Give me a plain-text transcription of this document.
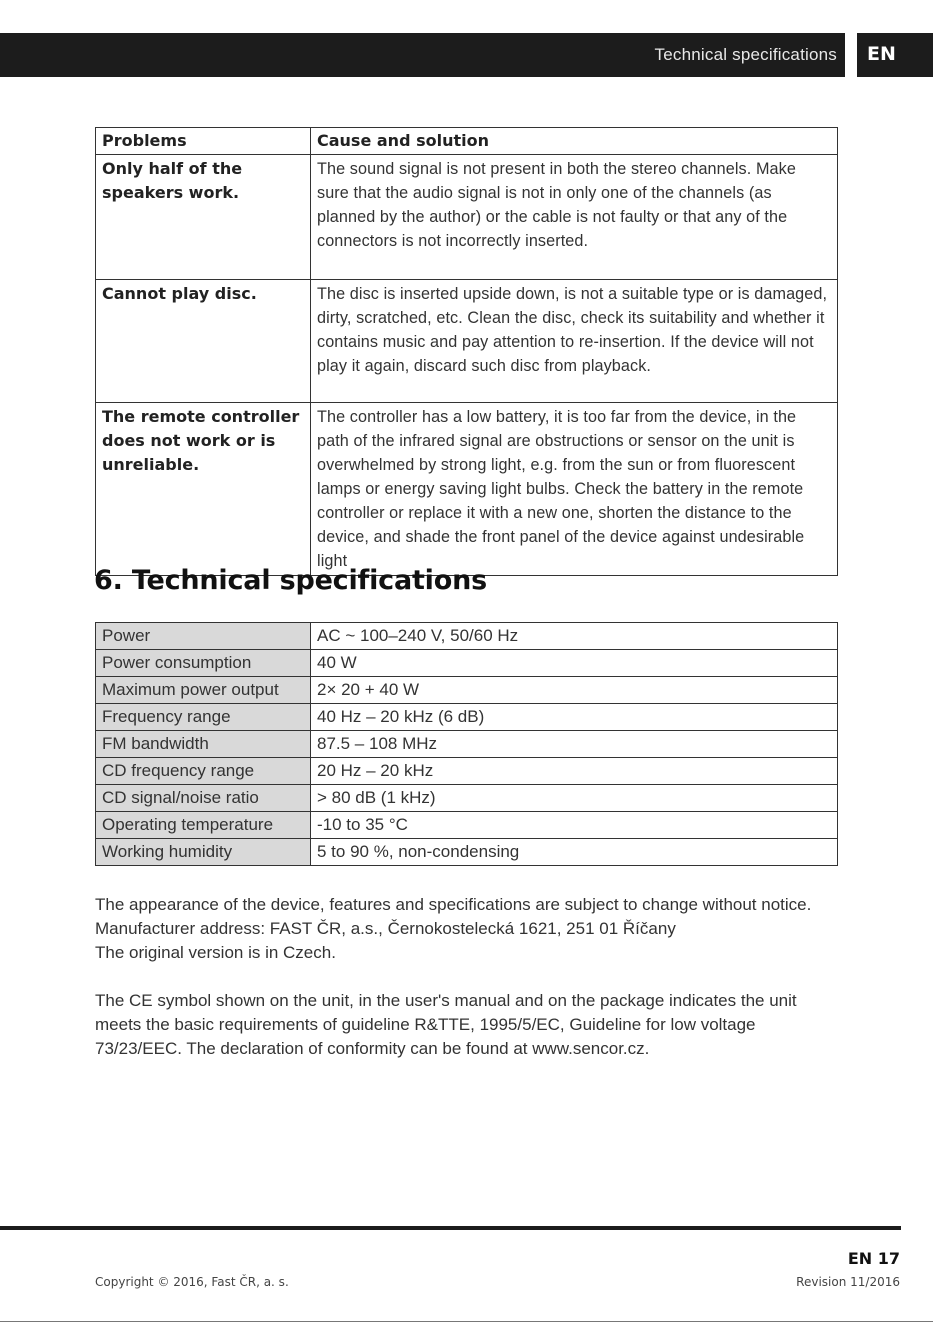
Technical specifications EN
Problems	Cause and solution
Only half of the speakers work.	The sound signal is not present in both the stereo channels. Make sure that the audio signal is not in only one of the channels (as planned by the author) or the cable is not faulty or that any of the connectors is not incorrectly inserted.
Cannot play disc.	The disc is inserted upside down, is not a suitable type or is damaged, dirty, scratched, etc. Clean the disc, check its suitability and whether it contains music and pay attention to re-insertion. If the device will not play it again, discard such disc from playback.
The remote controller does not work or is unreliable.	The controller has a low battery, it is too far from the device, in the path of the infrared signal are obstructions or sensor on the unit is overwhelmed by strong light, e.g. from the sun or from fluorescent lamps or energy saving light bulbs. Check the battery in the remote controller or replace it with a new one, shorten the distance to the device, and shade the front panel of the device against undesirable light
6. Technical specifications
Power	AC ~ 100–240 V, 50/60 Hz
Power consumption	40 W
Maximum power output	2× 20 + 40 W
Frequency range	40 Hz – 20 kHz (6 dB)
FM bandwidth	87.5 – 108 MHz
CD frequency range	20 Hz – 20 kHz
CD signal/noise ratio	> 80 dB (1 kHz)
Operating temperature	-10 to 35 °C
Working humidity	5 to 90 %, non-condensing

The appearance of the device, features and specifications are subject to change without notice.

Manufacturer address: FAST ČR, a.s., Černokostelecká 1621, 251 01 Říčany

The original version is in Czech.

The CE symbol shown on the unit, in the user's manual and on the package indicates the unit meets the basic requirements of guideline R&TTE, 1995/5/EC, Guideline for low voltage 73/23/EEC. The declaration of conformity can be found at www.sencor.cz.

EN 17
Copyright © 2016, Fast ČR, a. s.	Revision 11/2016
